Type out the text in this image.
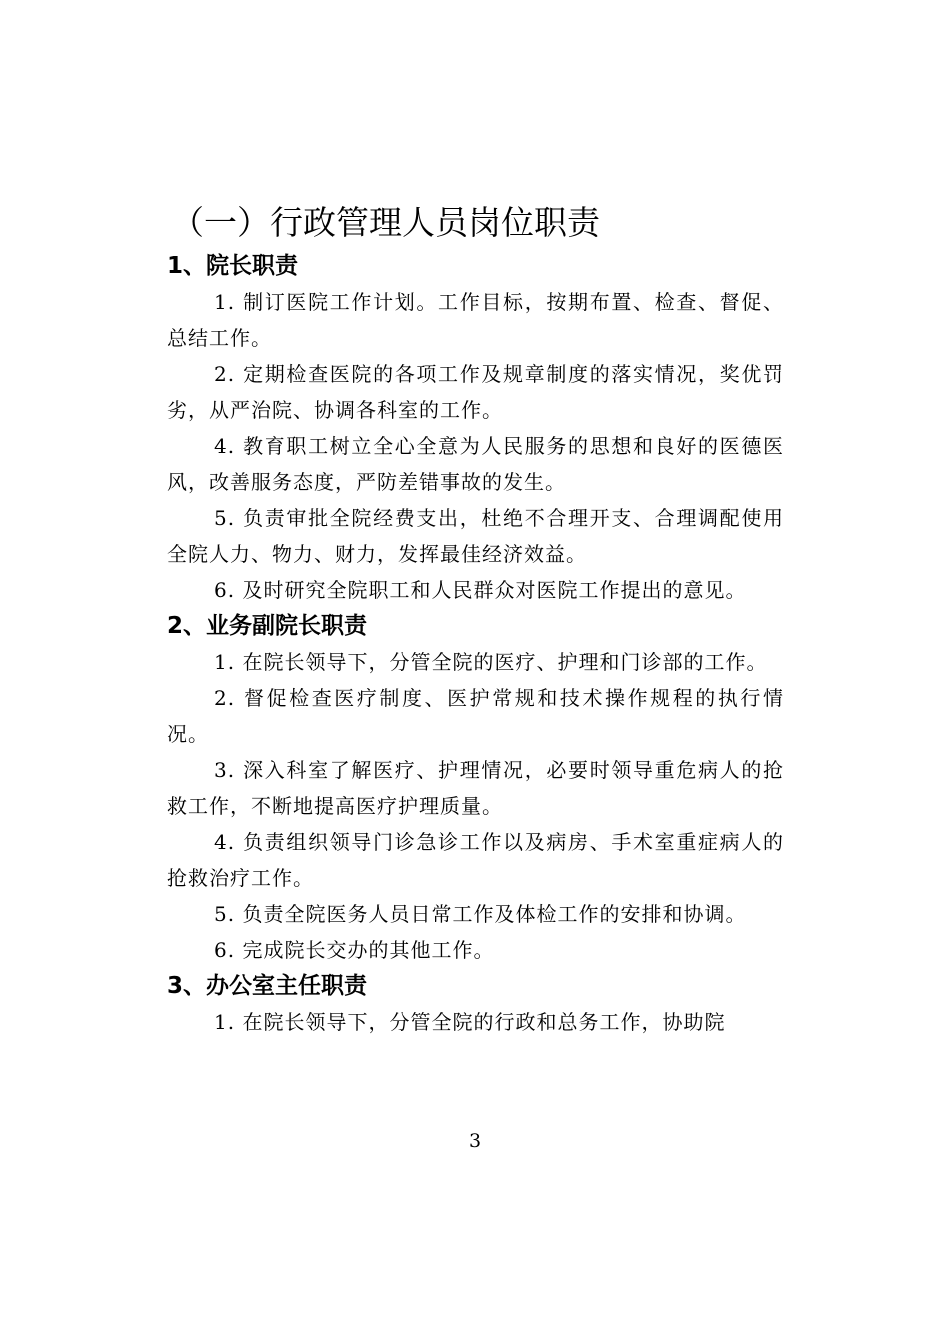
（一）行政管理人员岗位职责
1、院长职责

1. 制订医院工作计划。工作目标，按期布置、检查、督促、总结工作。

2. 定期检查医院的各项工作及规章制度的落实情况，奖优罚劣，从严治院、协调各科室的工作。

4. 教育职工树立全心全意为人民服务的思想和良好的医德医风，改善服务态度，严防差错事故的发生。

5. 负责审批全院经费支出，杜绝不合理开支、合理调配使用全院人力、物力、财力，发挥最佳经济效益。

6. 及时研究全院职工和人民群众对医院工作提出的意见。

2、业务副院长职责

1. 在院长领导下，分管全院的医疗、护理和门诊部的工作。

2. 督促检查医疗制度、医护常规和技术操作规程的执行情况。

3. 深入科室了解医疗、护理情况，必要时领导重危病人的抢救工作，不断地提高医疗护理质量。

4. 负责组织领导门诊急诊工作以及病房、手术室重症病人的抢救治疗工作。

5. 负责全院医务人员日常工作及体检工作的安排和协调。

6. 完成院长交办的其他工作。

3、办公室主任职责

1. 在院长领导下，分管全院的行政和总务工作，协助院

3
